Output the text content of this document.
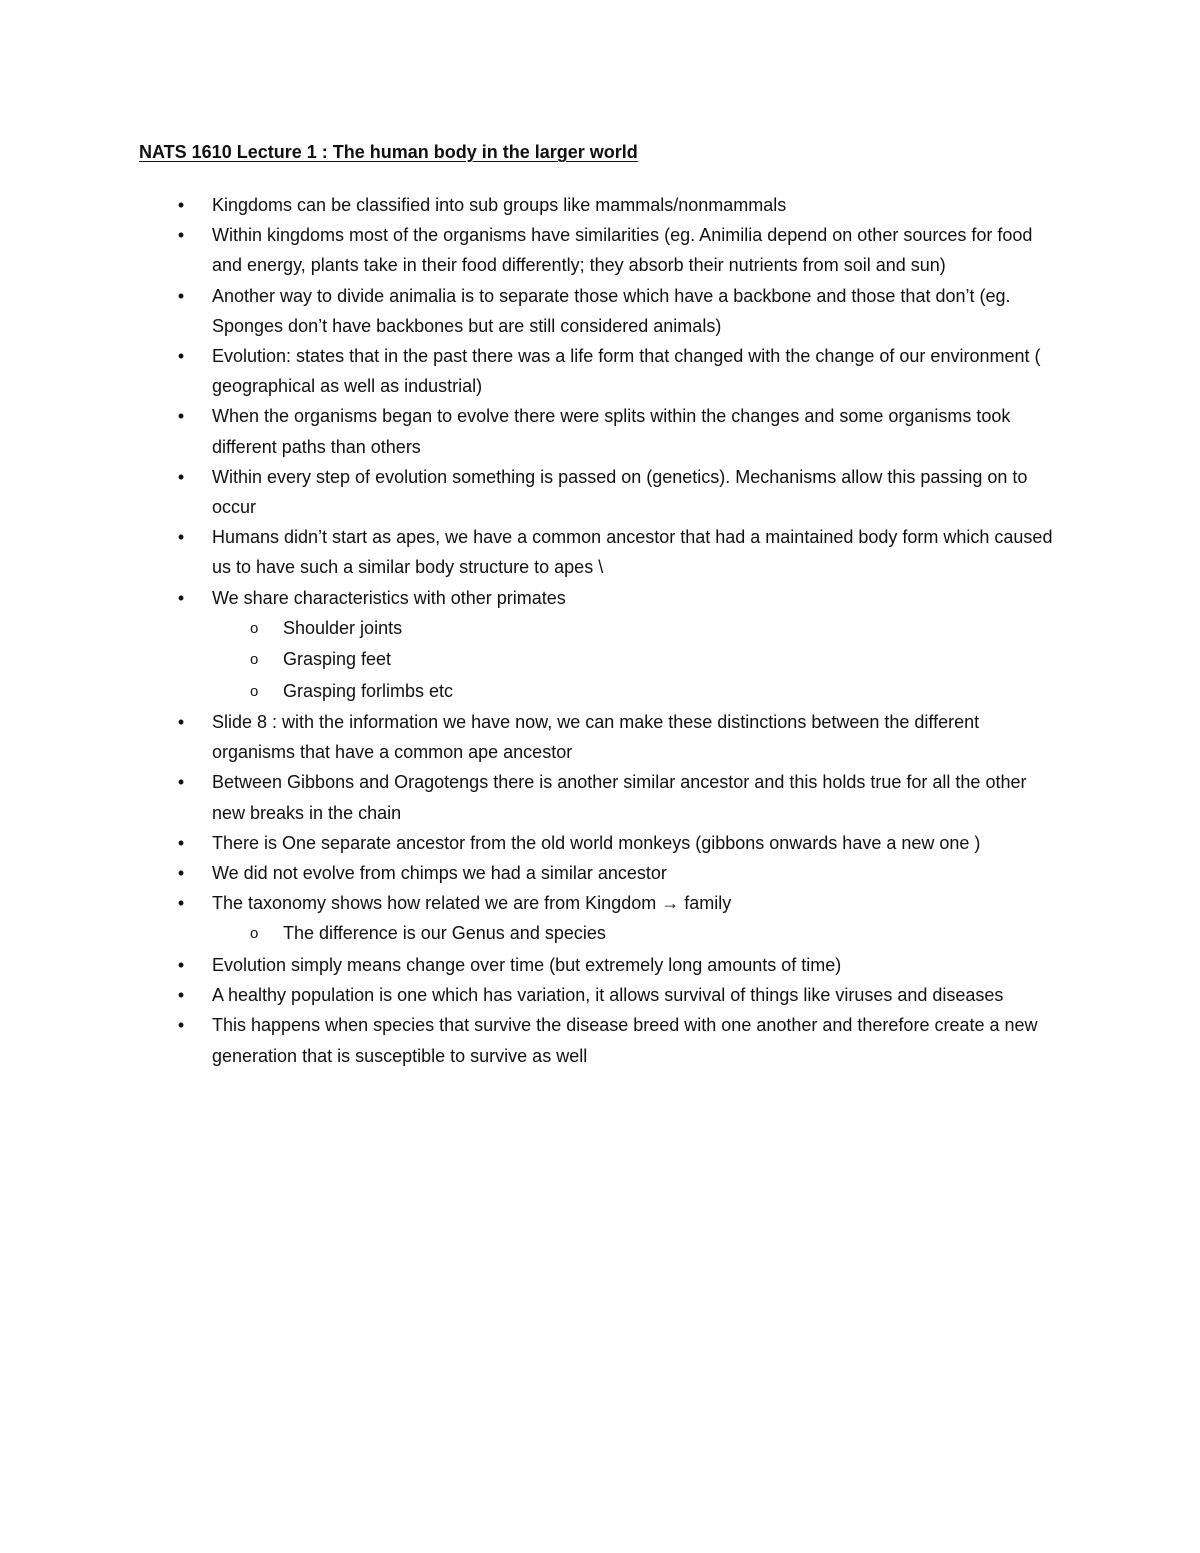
NATS 1610 Lecture 1 : The human body in the larger world
• Kingdoms can be classified into sub groups like mammals/nonmammals
• Within kingdoms most of the organisms have similarities (eg. Animilia depend on other sources for food and energy, plants take in their food differently; they absorb their nutrients from soil and sun)
• Another way to divide animalia is to separate those which have a backbone and those that don’t (eg. Sponges don’t have backbones but are still considered animals)
• Evolution: states that in the past there was a life form that changed with the change of our environment ( geographical as well as industrial)
• When the organisms began to evolve there were splits within the changes and some organisms took different paths than others
• Within every step of evolution something is passed on (genetics). Mechanisms allow this passing on to occur
• Humans didn’t start as apes, we have a common ancestor that had a maintained body form which caused us to have such a similar body structure to apes \
• We share characteristics with other primates
o Shoulder joints
o Grasping feet
o Grasping forlimbs etc
• Slide 8 : with the information we have now, we can make these distinctions between the different organisms that have a common ape ancestor
• Between Gibbons and Oragotengs there is another similar ancestor and this holds true for all the other new breaks in the chain
• There is One separate ancestor from the old world monkeys (gibbons onwards have a new one )
• We did not evolve from chimps we had a similar ancestor
• The taxonomy shows how related we are from Kingdom → family
o The difference is our Genus and species
• Evolution simply means change over time (but extremely long amounts of time)
• A healthy population is one which has variation, it allows survival of things like viruses and diseases
• This happens when species that survive the disease breed with one another and therefore create a new generation that is susceptible to survive as well
